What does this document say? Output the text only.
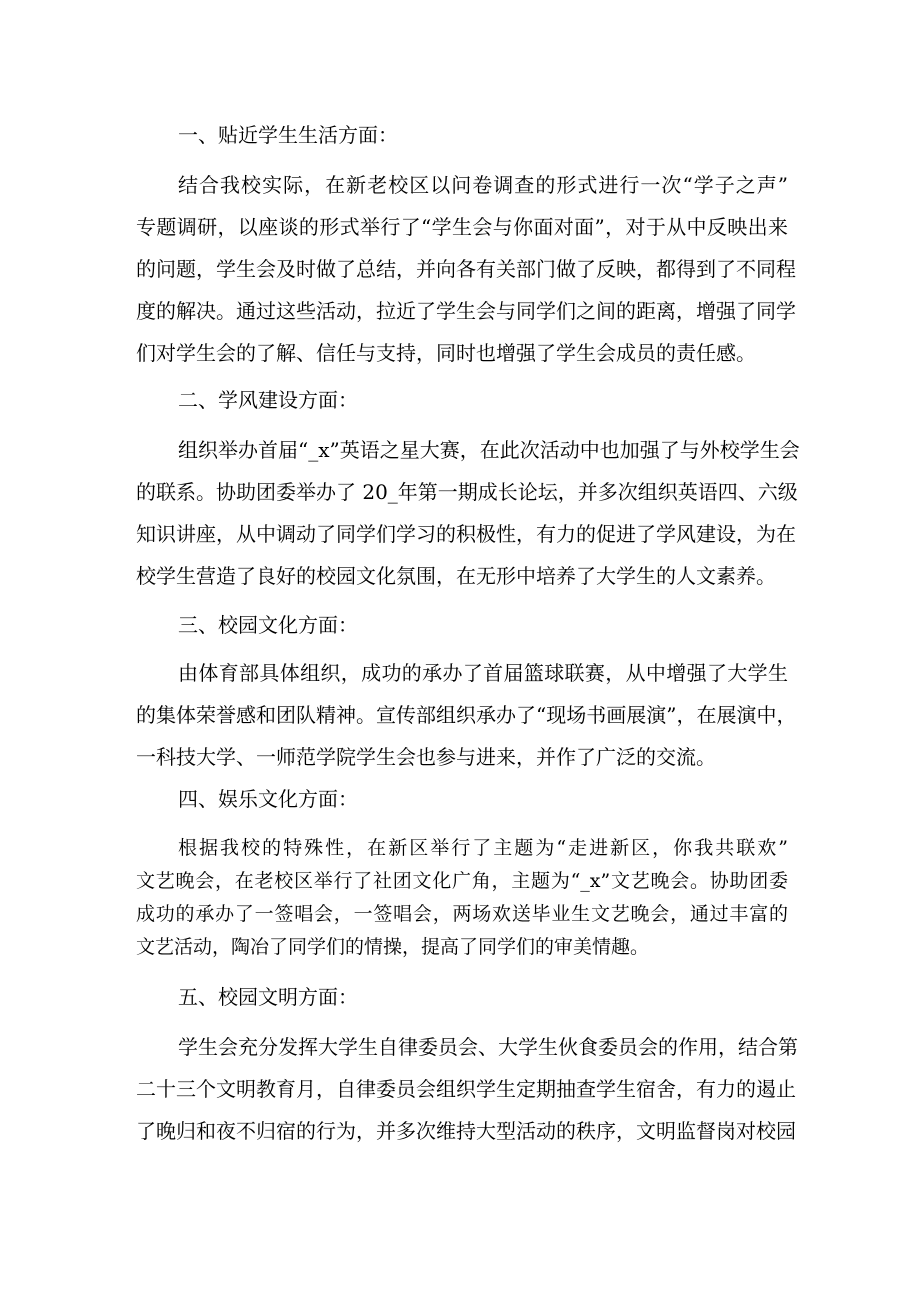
一、贴近学生生活方面：

结合我校实际，在新老校区以问卷调查的形式进行一次“学子之声”

专题调研，以座谈的形式举行了“学生会与你面对面”，对于从中反映出来

的问题，学生会及时做了总结，并向各有关部门做了反映，都得到了不同程

度的解决。通过这些活动，拉近了学生会与同学们之间的距离，增强了同学

们对学生会的了解、信任与支持，同时也增强了学生会成员的责任感。

二、学风建设方面：

组织举办首届“_x”英语之星大赛，在此次活动中也加强了与外校学生会

的联系。协助团委举办了 20_年第一期成长论坛，并多次组织英语四、六级

知识讲座，从中调动了同学们学习的积极性，有力的促进了学风建设，为在

校学生营造了良好的校园文化氛围，在无形中培养了大学生的人文素养。

三、校园文化方面：

由体育部具体组织，成功的承办了首届篮球联赛，从中增强了大学生

的集体荣誉感和团队精神。宣传部组织承办了“现场书画展演”，在展演中，

一科技大学、一师范学院学生会也参与进来，并作了广泛的交流。

四、娱乐文化方面：

根据我校的特殊性，在新区举行了主题为“走进新区，你我共联欢”

文艺晚会，在老校区举行了社团文化广角，主题为“_x”文艺晚会。协助团委

成功的承办了一签唱会，一签唱会，两场欢送毕业生文艺晚会，通过丰富的

文艺活动，陶冶了同学们的情操，提高了同学们的审美情趣。

五、校园文明方面：

学生会充分发挥大学生自律委员会、大学生伙食委员会的作用，结合第

二十三个文明教育月，自律委员会组织学生定期抽查学生宿舍，有力的遏止

了晚归和夜不归宿的行为，并多次维持大型活动的秩序，文明监督岗对校园
